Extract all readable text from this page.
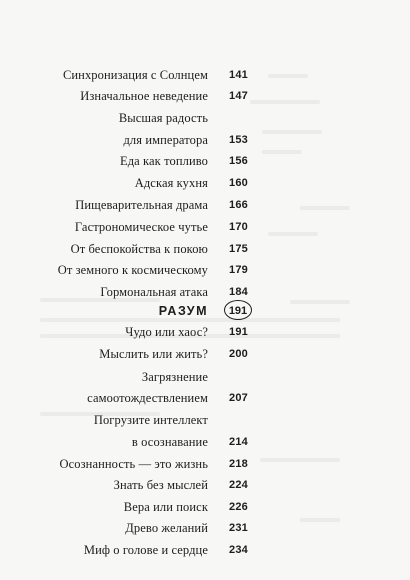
Синхронизация с Солнцем 141
Изначальное неведение 147
Высшая радость
для императора 153
Еда как топливо 156
Адская кухня 160
Пищеварительная драма 166
Гастрономическое чутье 170
От беспокойства к покою 175
От земного к космическому 179
Гормональная атака 184
РАЗУМ	191
Чудо или хаос? 191
Мыслить или жить? 200
Загрязнение
самоотождествлением 207
Погрузите интеллект
в осознавание 214
Осознанность — это жизнь 218
Знать без мыслей 224
Вера или поиск 226
Древо желаний 231
Миф о голове и сердце 234
